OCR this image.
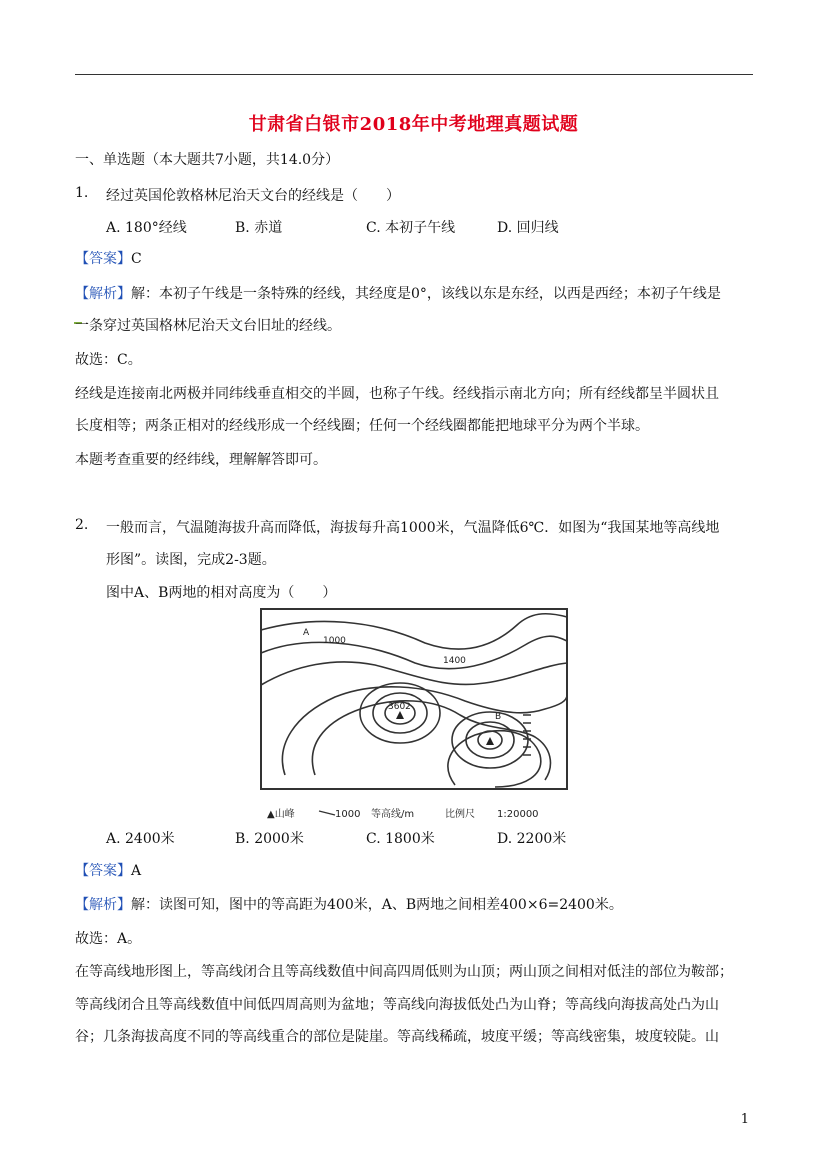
甘肃省白银市2018年中考地理真题试题
一、单选题（本大题共7小题，共14.0分）
1. 经过英国伦敦格林尼治天文台的经线是（　　）
A. 180°经线	B. 赤道	C. 本初子午线	D. 回归线
【答案】C
【解析】解：本初子午线是一条特殊的经线，其经度是0°，该线以东是东经，以西是西经；本初子午线是
一条穿过英国格林尼治天文台旧址的经线。
故选：C。
经线是连接南北两极并同纬线垂直相交的半圆，也称子午线。经线指示南北方向；所有经线都呈半圆状且
长度相等；两条正相对的经线形成一个经线圈；任何一个经线圈都能把地球平分为两个半球。
本题考查重要的经纬线，理解解答即可。
2. 一般而言，气温随海拔升高而降低，海拔每升高1000米，气温降低6℃．如图为“我国某地等高线地
形图”。读图，完成2-3题。
图中A、B两地的相对高度为（　　）
A
1000
1400
3602
B
▲山峰	1000 等高线/m	比例尺 1:20000
A. 2400米	B. 2000米	C. 1800米	D. 2200米
【答案】A
【解析】解：读图可知，图中的等高距为400米，A、B两地之间相差400×6=2400米。
故选：A。
在等高线地形图上，等高线闭合且等高线数值中间高四周低则为山顶；两山顶之间相对低洼的部位为鞍部；
等高线闭合且等高线数值中间低四周高则为盆地；等高线向海拔低处凸为山脊；等高线向海拔高处凸为山
谷；几条海拔高度不同的等高线重合的部位是陡崖。等高线稀疏，坡度平缓；等高线密集，坡度较陡。山
1
